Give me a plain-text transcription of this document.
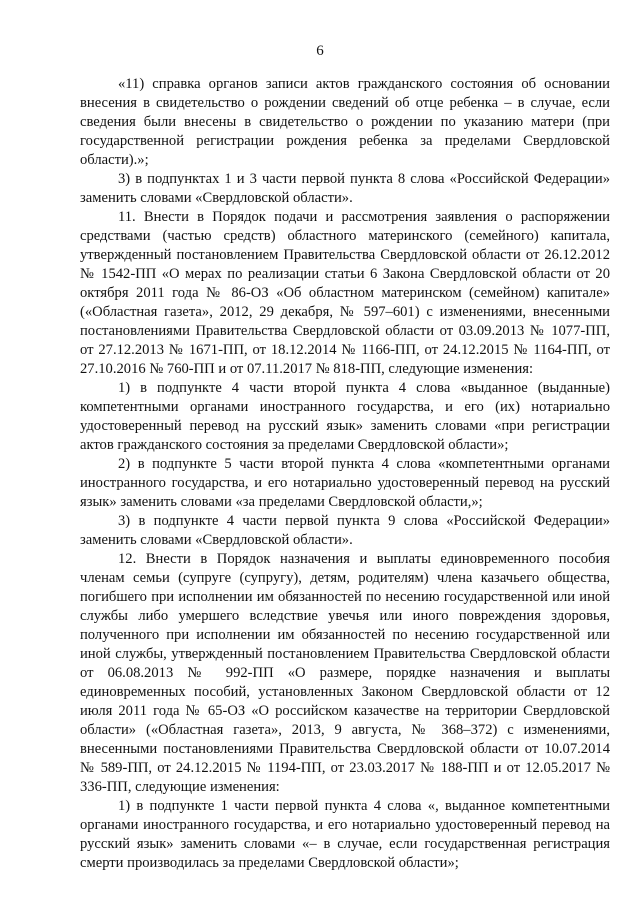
6

«11) справка органов записи актов гражданского состояния об основании внесения в свидетельство о рождении сведений об отце ребенка – в случае, если сведения были внесены в свидетельство о рождении по указанию матери (при государственной регистрации рождения ребенка за пределами Свердловской области).»;

3) в подпунктах 1 и 3 части первой пункта 8 слова «Российской Федерации» заменить словами «Свердловской области».

11. Внести в Порядок подачи и рассмотрения заявления о распоряжении средствами (частью средств) областного материнского (семейного) капитала, утвержденный постановлением Правительства Свердловской области от 26.12.2012 № 1542-ПП «О мерах по реализации статьи 6 Закона Свердловской области от 20 октября 2011 года № 86-ОЗ «Об областном материнском (семейном) капитале» («Областная газета», 2012, 29 декабря, № 597–601) с изменениями, внесенными постановлениями Правительства Свердловской области от 03.09.2013 № 1077-ПП, от 27.12.2013 № 1671-ПП, от 18.12.2014 № 1166-ПП, от 24.12.2015 № 1164-ПП, от 27.10.2016 № 760-ПП и от 07.11.2017 № 818-ПП, следующие изменения:

1) в подпункте 4 части второй пункта 4 слова «выданное (выданные) компетентными органами иностранного государства, и его (их) нотариально удостоверенный перевод на русский язык» заменить словами «при регистрации актов гражданского состояния за пределами Свердловской области»;

2) в подпункте 5 части второй пункта 4 слова «компетентными органами иностранного государства, и его нотариально удостоверенный перевод на русский язык» заменить словами «за пределами Свердловской области,»;

3) в подпункте 4 части первой пункта 9 слова «Российской Федерации» заменить словами «Свердловской области».

12. Внести в Порядок назначения и выплаты единовременного пособия членам семьи (супруге (супругу), детям, родителям) члена казачьего общества, погибшего при исполнении им обязанностей по несению государственной или иной службы либо умершего вследствие увечья или иного повреждения здоровья, полученного при исполнении им обязанностей по несению государственной или иной службы, утвержденный постановлением Правительства Свердловской области от 06.08.2013 № 992-ПП «О размере, порядке назначения и выплаты единовременных пособий, установленных Законом Свердловской области от 12 июля 2011 года № 65-ОЗ «О российском казачестве на территории Свердловской области» («Областная газета», 2013, 9 августа, № 368–372) с изменениями, внесенными постановлениями Правительства Свердловской области от 10.07.2014 № 589-ПП, от 24.12.2015 № 1194-ПП, от 23.03.2017 № 188-ПП и от 12.05.2017 № 336-ПП, следующие изменения:

1) в подпункте 1 части первой пункта 4 слова «, выданное компетентными органами иностранного государства, и его нотариально удостоверенный перевод на русский язык» заменить словами «– в случае, если государственная регистрация смерти производилась за пределами Свердловской области»;
